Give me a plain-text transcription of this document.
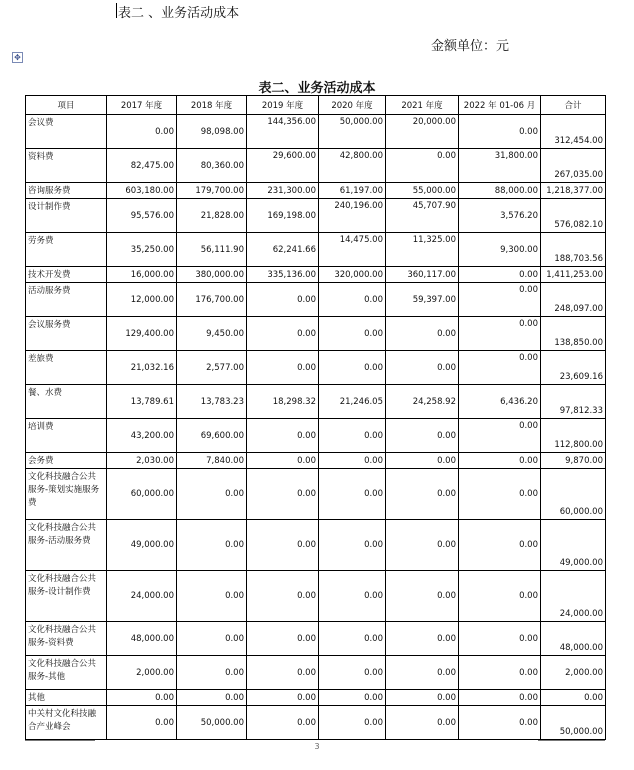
表二 、业务活动成本
金额单位：元
✥
表二、业务活动成本
项目	2017 年度	2018 年度	2019 年度	2020 年度	2021 年度	2022 年 01-06 月	合计
会议费	0.00	98,098.00	144,356.00	50,000.00	20,000.00	0.00	312,454.00
资料费	82,475.00	80,360.00	29,600.00	42,800.00	0.00	31,800.00	267,035.00
咨询服务费	603,180.00	179,700.00	231,300.00	61,197.00	55,000.00	88,000.00	1,218,377.00
设计制作费	95,576.00	21,828.00	169,198.00	240,196.00	45,707.90	3,576.20	576,082.10
劳务费	35,250.00	56,111.90	62,241.66	14,475.00	11,325.00	9,300.00	188,703.56
技术开发费	16,000.00	380,000.00	335,136.00	320,000.00	360,117.00	0.00	1,411,253.00
活动服务费	12,000.00	176,700.00	0.00	0.00	59,397.00	0.00	248,097.00
会议服务费	129,400.00	9,450.00	0.00	0.00	0.00	0.00	138,850.00
差旅费	21,032.16	2,577.00	0.00	0.00	0.00	0.00	23,609.16
餐、水费	13,789.61	13,783.23	18,298.32	21,246.05	24,258.92	6,436.20	97,812.33
培训费	43,200.00	69,600.00	0.00	0.00	0.00	0.00	112,800.00
会务费	2,030.00	7,840.00	0.00	0.00	0.00	0.00	9,870.00
文化科技融合公共服务-策划实施服务费	60,000.00	0.00	0.00	0.00	0.00	0.00	60,000.00
文化科技融合公共服务-活动服务费	49,000.00	0.00	0.00	0.00	0.00	0.00	49,000.00
文化科技融合公共服务-设计制作费	24,000.00	0.00	0.00	0.00	0.00	0.00	24,000.00
文化科技融合公共服务-资料费	48,000.00	0.00	0.00	0.00	0.00	0.00	48,000.00
文化科技融合公共服务-其他	2,000.00	0.00	0.00	0.00	0.00	0.00	2,000.00
其他	0.00	0.00	0.00	0.00	0.00	0.00	0.00
中关村文化科技融合产业峰会	0.00	50,000.00	0.00	0.00	0.00	0.00	50,000.00
3
